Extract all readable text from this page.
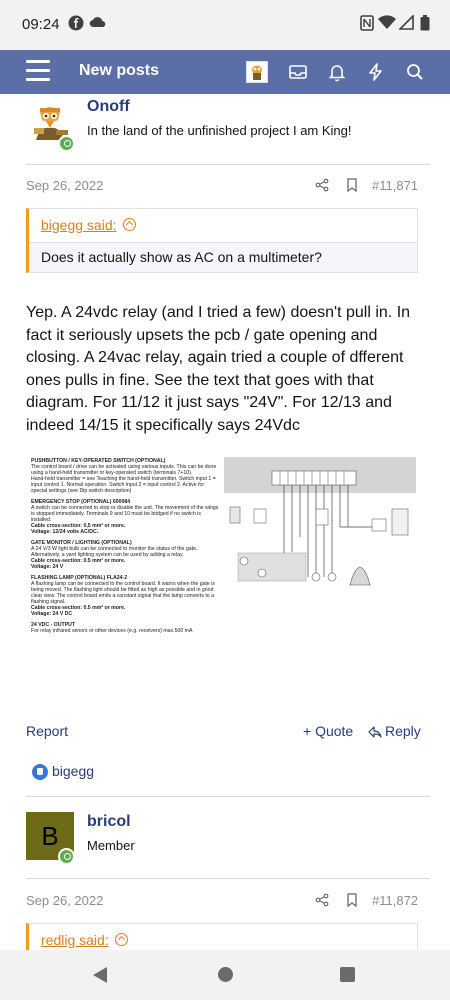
09:24
New posts
Onoff
In the land of the unfinished project I am King!
Sep 26, 2022	#11,871
bigegg said:
Does it actually show as AC on a multimeter?
Yep. A 24vdc relay (and I tried a few) doesn't pull in. In fact it seriously upsets the pcb / gate opening and closing. A 24vac relay, again tried a couple of dfferent ones pulls in fine. See the text that goes with that diagram. For 11/12 it just says "24V". For 12/13 and indeed 14/15 it specifically says 24Vdc

PUSHBUTTON / KEY-OPERATED SWITCH (OPTIONAL)
The control board / drive can be activated using various inputs. This can be done using a hand-held transmitter or key-operated switch (terminals 7+10).
Hand-held transmitter = see Teaching the hand-held transmitter. Switch input 1 = input control 1. Normal operation. Switch input 2 = input control 2. Active for special settings (see Dip switch description)

EMERGENCY STOP (OPTIONAL) 600084
A switch can be connected to stop or disable the unit. The movement of the wings is stopped immediately. Terminals 9 and 10 must be bridged if no switch is installed.
Cable cross-section: 0,5 mm² or more.
Voltage: 12/24 volts AC/DC.

GATE MONITOR / LIGHTING (OPTIONAL)
A 24 V/3 W light bulb can be connected to monitor the status of the gate. Alternatively, a yard lighting system can be used by adding a relay.
Cable cross-section: 0.5 mm² or more.
Voltage: 24 V

FLASHING LAMP (OPTIONAL) FLA24-2
A flashing lamp can be connected to the control board. It warns when the gate is being moved. The flashing light should be fitted as high as possible and in good clear view. The control board emits a constant signal that the lamp converts to a flashing signal.
Cable cross-section: 0.5 mm² or more.
Voltage: 24 V DC

24 VDC - OUTPUT
For relay infrared senors or other devices (e.g. receivers) max.500 mA

Report	+ Quote Reply
bigegg
B	bricol
Member
Sep 26, 2022	#11,872
redlig said:
